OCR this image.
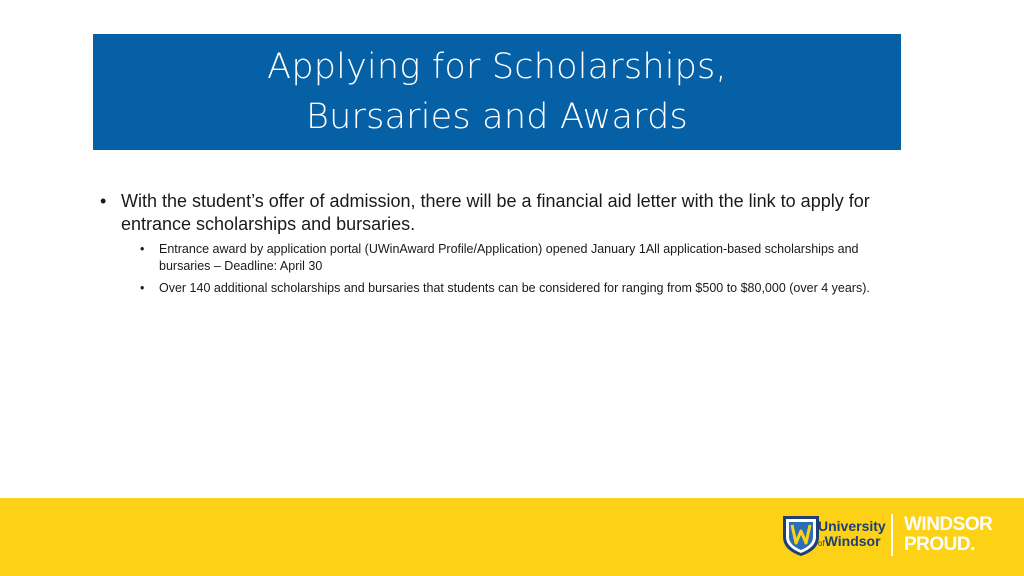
Applying for Scholarships,
Bursaries and Awards
• With the student’s offer of admission, there will be a financial aid letter with the link to apply for entrance scholarships and bursaries.
• Entrance award by application portal (UWinAward Profile/Application) opened January 1All application-based scholarships and bursaries – Deadline: April 30
• Over 140 additional scholarships and bursaries that students can be considered for ranging from $500 to $80,000 (over 4 years).
University
ofWindsor
WINDSOR
PROUD.
